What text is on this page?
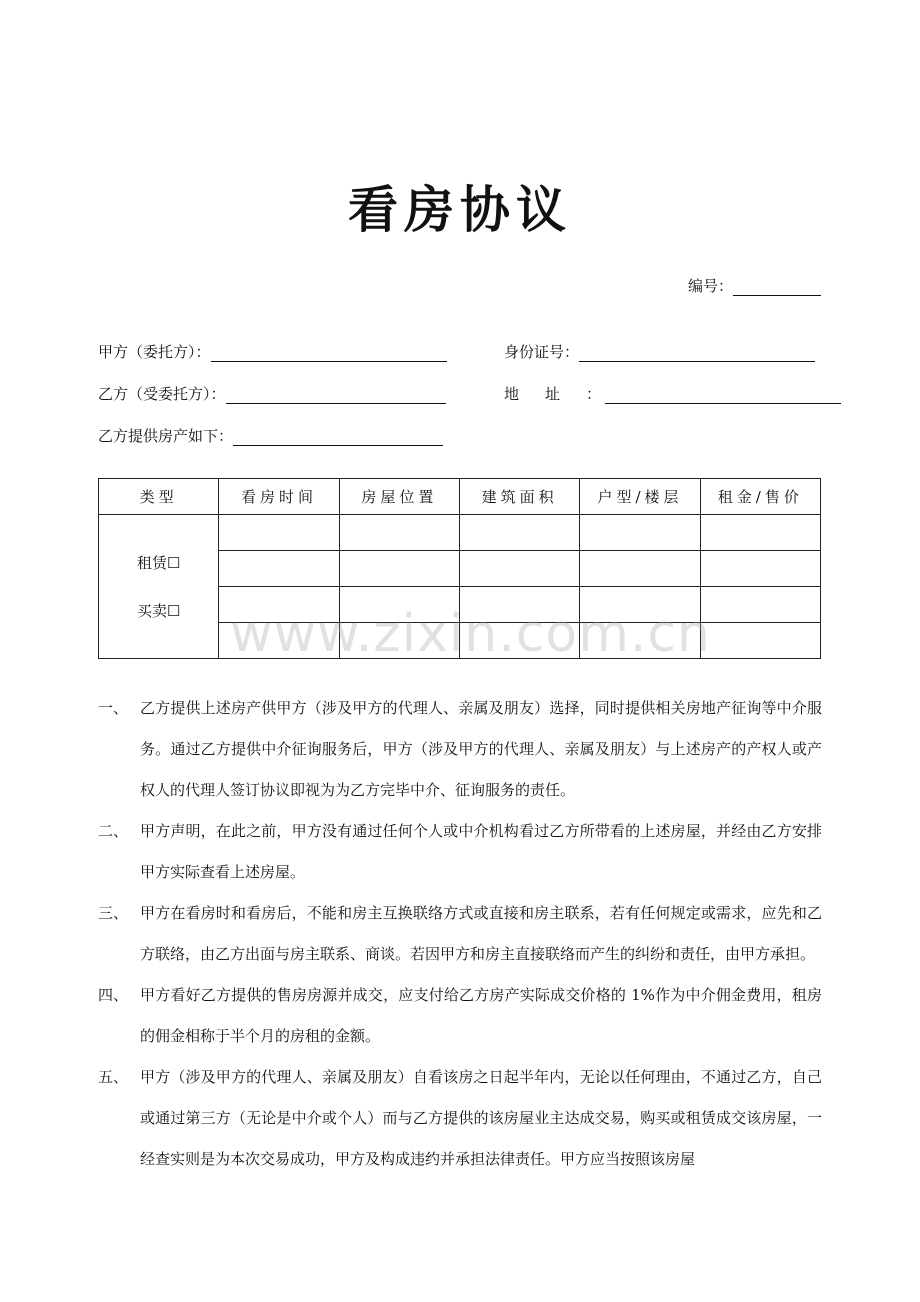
看房协议
编号：
甲方（委托方）：	身份证号：
乙方（受委托方）：	地址：
乙方提供房产如下：
类型	看房时间	房屋位置	建筑面积	户型/楼层	租金/售价

租赁☐
买卖☐					

				www.zixin.com.cn
一、 乙方提供上述房产供甲方（涉及甲方的代理人、亲属及朋友）选择，同时提供相关房地产征询等中介服务。通过乙方提供中介征询服务后，甲方（涉及甲方的代理人、亲属及朋友）与上述房产的产权人或产权人的代理人签订协议即视为为乙方完毕中介、征询服务的责任。
二、 甲方声明，在此之前，甲方没有通过任何个人或中介机构看过乙方所带看的上述房屋，并经由乙方安排甲方实际查看上述房屋。
三、 甲方在看房时和看房后，不能和房主互换联络方式或直接和房主联系，若有任何规定或需求，应先和乙方联络，由乙方出面与房主联系、商谈。若因甲方和房主直接联络而产生的纠纷和责任，由甲方承担。
四、 甲方看好乙方提供的售房房源并成交，应支付给乙方房产实际成交价格的 1%作为中介佣金费用，租房的佣金相称于半个月的房租的金额。
五、 甲方（涉及甲方的代理人、亲属及朋友）自看该房之日起半年内，无论以任何理由，不通过乙方，自己或通过第三方（无论是中介或个人）而与乙方提供的该房屋业主达成交易，购买或租赁成交该房屋，一经查实则是为本次交易成功，甲方及构成违约并承担法律责任。甲方应当按照该房屋
